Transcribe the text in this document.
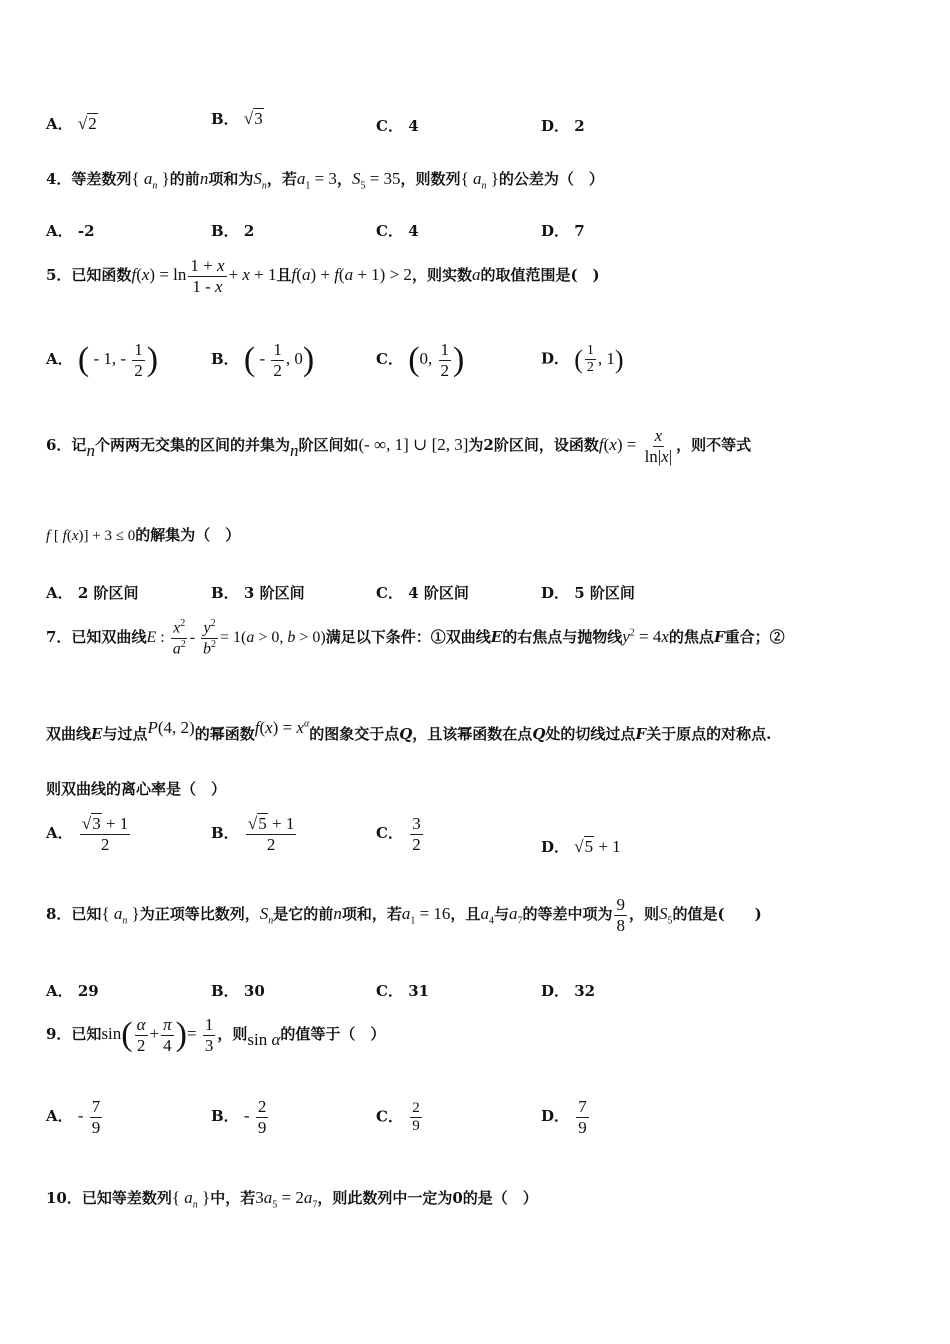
A． √2	B． √3	C． 4	D． 2
4．等差数列{ $a_n$ }的前n项和为$S_n$，若$a_1 = 3$，$S_5 = 35$，则数列{ $a_n$ }的公差为（　）
A． -2	B． 2	C． 4	D． 7
5．已知函数$f(x) = \ln \frac{1 + x}{1 - x} + x + 1$且f(a) + f(a + 1) > 2，则实数a的取值范围是(　)
A． ( - 1, - $\frac{1}{2}$ )	B． ( - $\frac{1}{2}$ , 0)	C． (0, $\frac{1}{2}$ )	D． ( $\frac{1}{2}$ , 1)
6．记n个两两无交集的区间的并集为n阶区间如(- ∞, 1] ∪ [2, 3]为2阶区间，设函数$f(x) = \frac{x}{\ln|x|}$ ，则不等式
f [ f(x)] + 3 ≤ 0的解集为（　）
A． 2 阶区间	B． 3 阶区间	C． 4 阶区间	D． 5 阶区间
7．已知双曲线E : $\frac{x^2}{a^2} - \frac{y^2}{b^2} = 1(a > 0$, b > 0)满足以下条件：①双曲线E的右焦点与抛物线$y^2 = 4x$的焦点F重合；②
双曲线E与过点P(4, 2)的幂函数$f(x) = x^\alpha$的图象交于点Q，且该幂函数在点Q处的切线过点F关于原点的对称点.
则双曲线的离心率是（　）
A． $\frac{√3 + 1}{2}$	B． $\frac{√5 + 1}{2}$	C． $\frac{3}{2}$	D． √5 + 1
8．已知{ $a_n$ }为正项等比数列，$S_n$是它的前n项和，若$a_1 = 16$，且$a_4$与$a_7$的等差中项为 $\frac{9}{8}$ ，则$S_5$的值是(　　)
A． 29	B． 30	C． 31	D． 32
9．已知$\sin( \frac{\alpha}{2} + \frac{\pi}{4}$ )= $\frac{1}{3}$ ，则sin α的值等于（　）
A． - $\frac{7}{9}$	B． - $\frac{2}{9}$	C． $\frac{2}{9}$	D． $\frac{7}{9}$
10．已知等差数列{ $a_n$ }中，若$3a_5 = 2a_7$，则此数列中一定为0的是（　）
